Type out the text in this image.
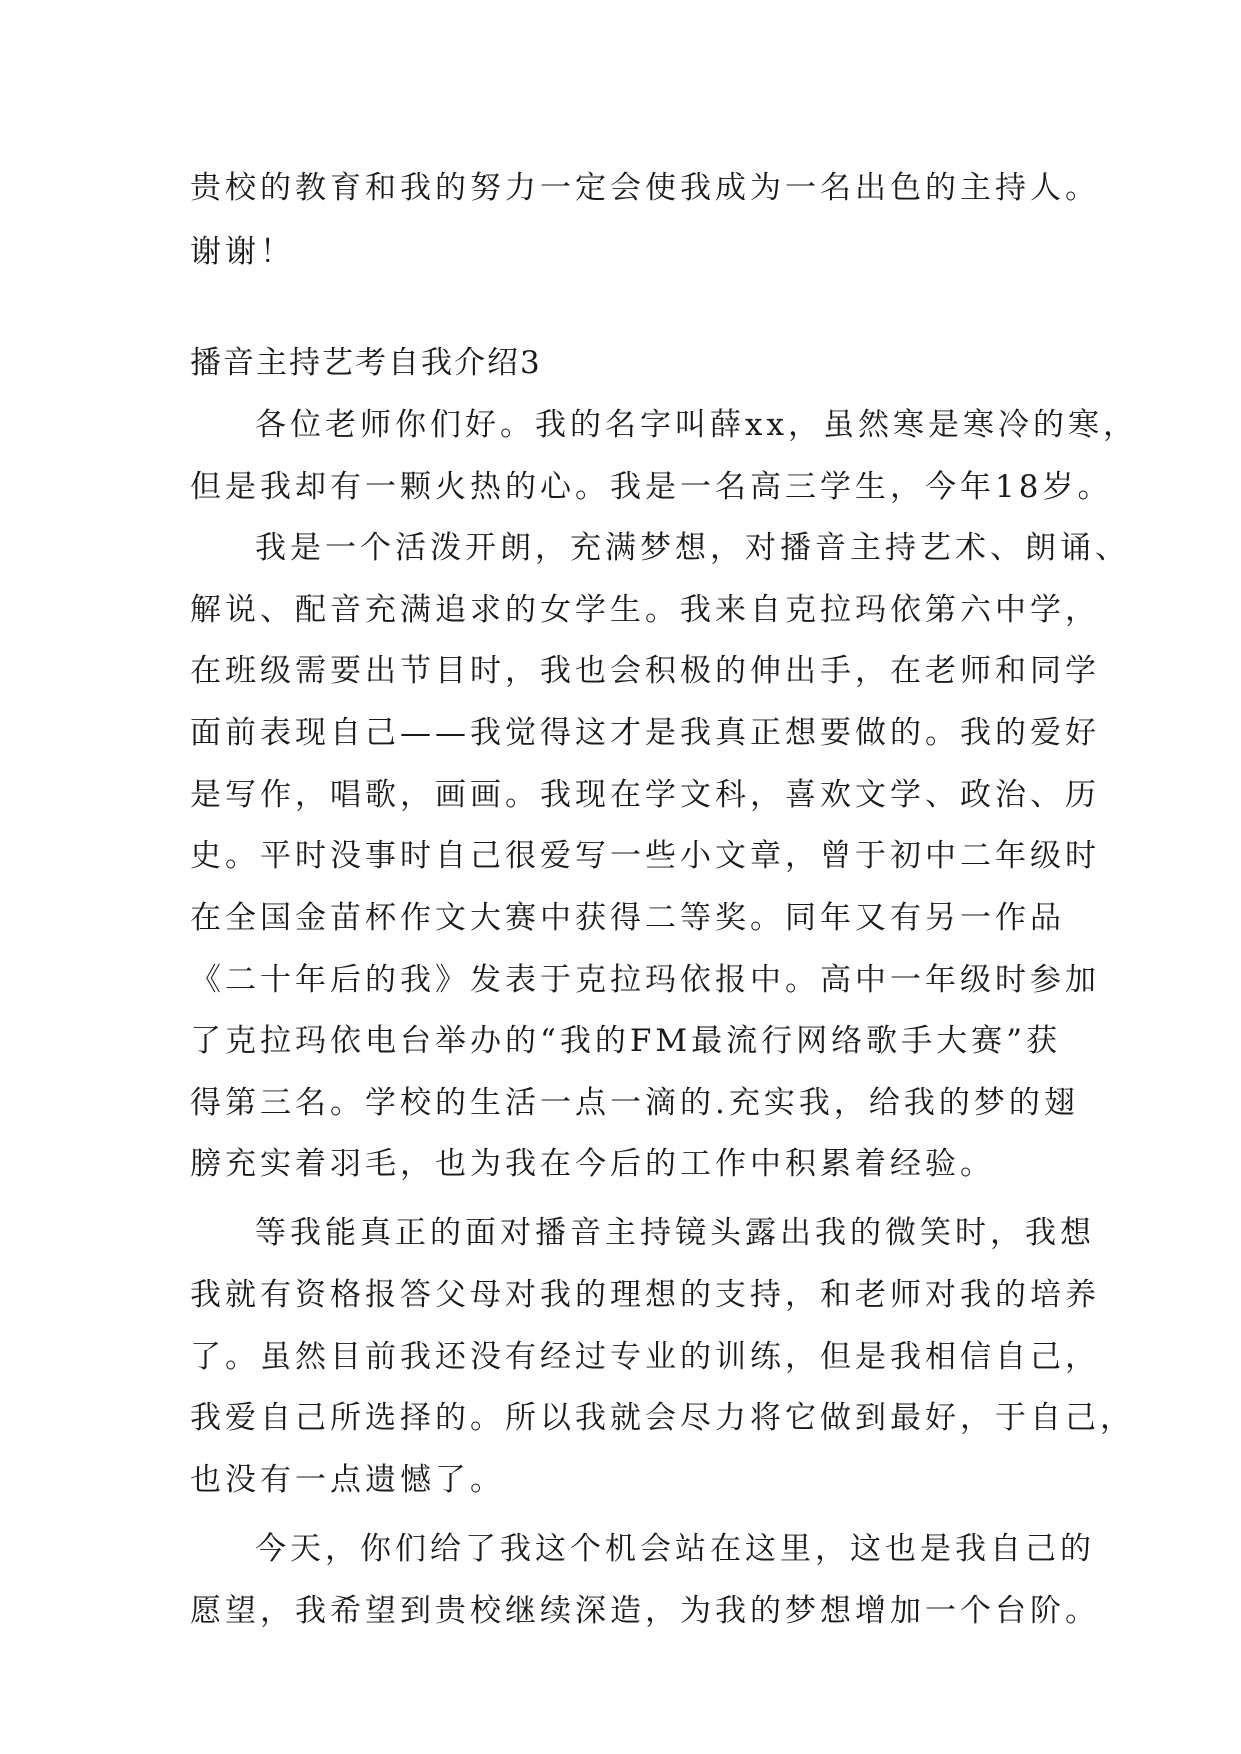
贵校的教育和我的努力一定会使我成为一名出色的主持人。
谢谢！
播音主持艺考自我介绍3
各位老师你们好。我的名字叫薛xx，虽然寒是寒冷的寒，
但是我却有一颗火热的心。我是一名高三学生，今年18岁。
我是一个活泼开朗，充满梦想，对播音主持艺术、朗诵、
解说、配音充满追求的女学生。我来自克拉玛依第六中学，
在班级需要出节目时，我也会积极的伸出手，在老师和同学
面前表现自己——我觉得这才是我真正想要做的。我的爱好
是写作，唱歌，画画。我现在学文科，喜欢文学、政治、历
史。平时没事时自己很爱写一些小文章，曾于初中二年级时
在全国金苗杯作文大赛中获得二等奖。同年又有另一作品
《二十年后的我》发表于克拉玛依报中。高中一年级时参加
了克拉玛依电台举办的“我的FM最流行网络歌手大赛”获
得第三名。学校的生活一点一滴的.充实我，给我的梦的翅
膀充实着羽毛，也为我在今后的工作中积累着经验。
等我能真正的面对播音主持镜头露出我的微笑时，我想
我就有资格报答父母对我的理想的支持，和老师对我的培养
了。虽然目前我还没有经过专业的训练，但是我相信自己，
我爱自己所选择的。所以我就会尽力将它做到最好，于自己，
也没有一点遗憾了。
今天，你们给了我这个机会站在这里，这也是我自己的
愿望，我希望到贵校继续深造，为我的梦想增加一个台阶。
